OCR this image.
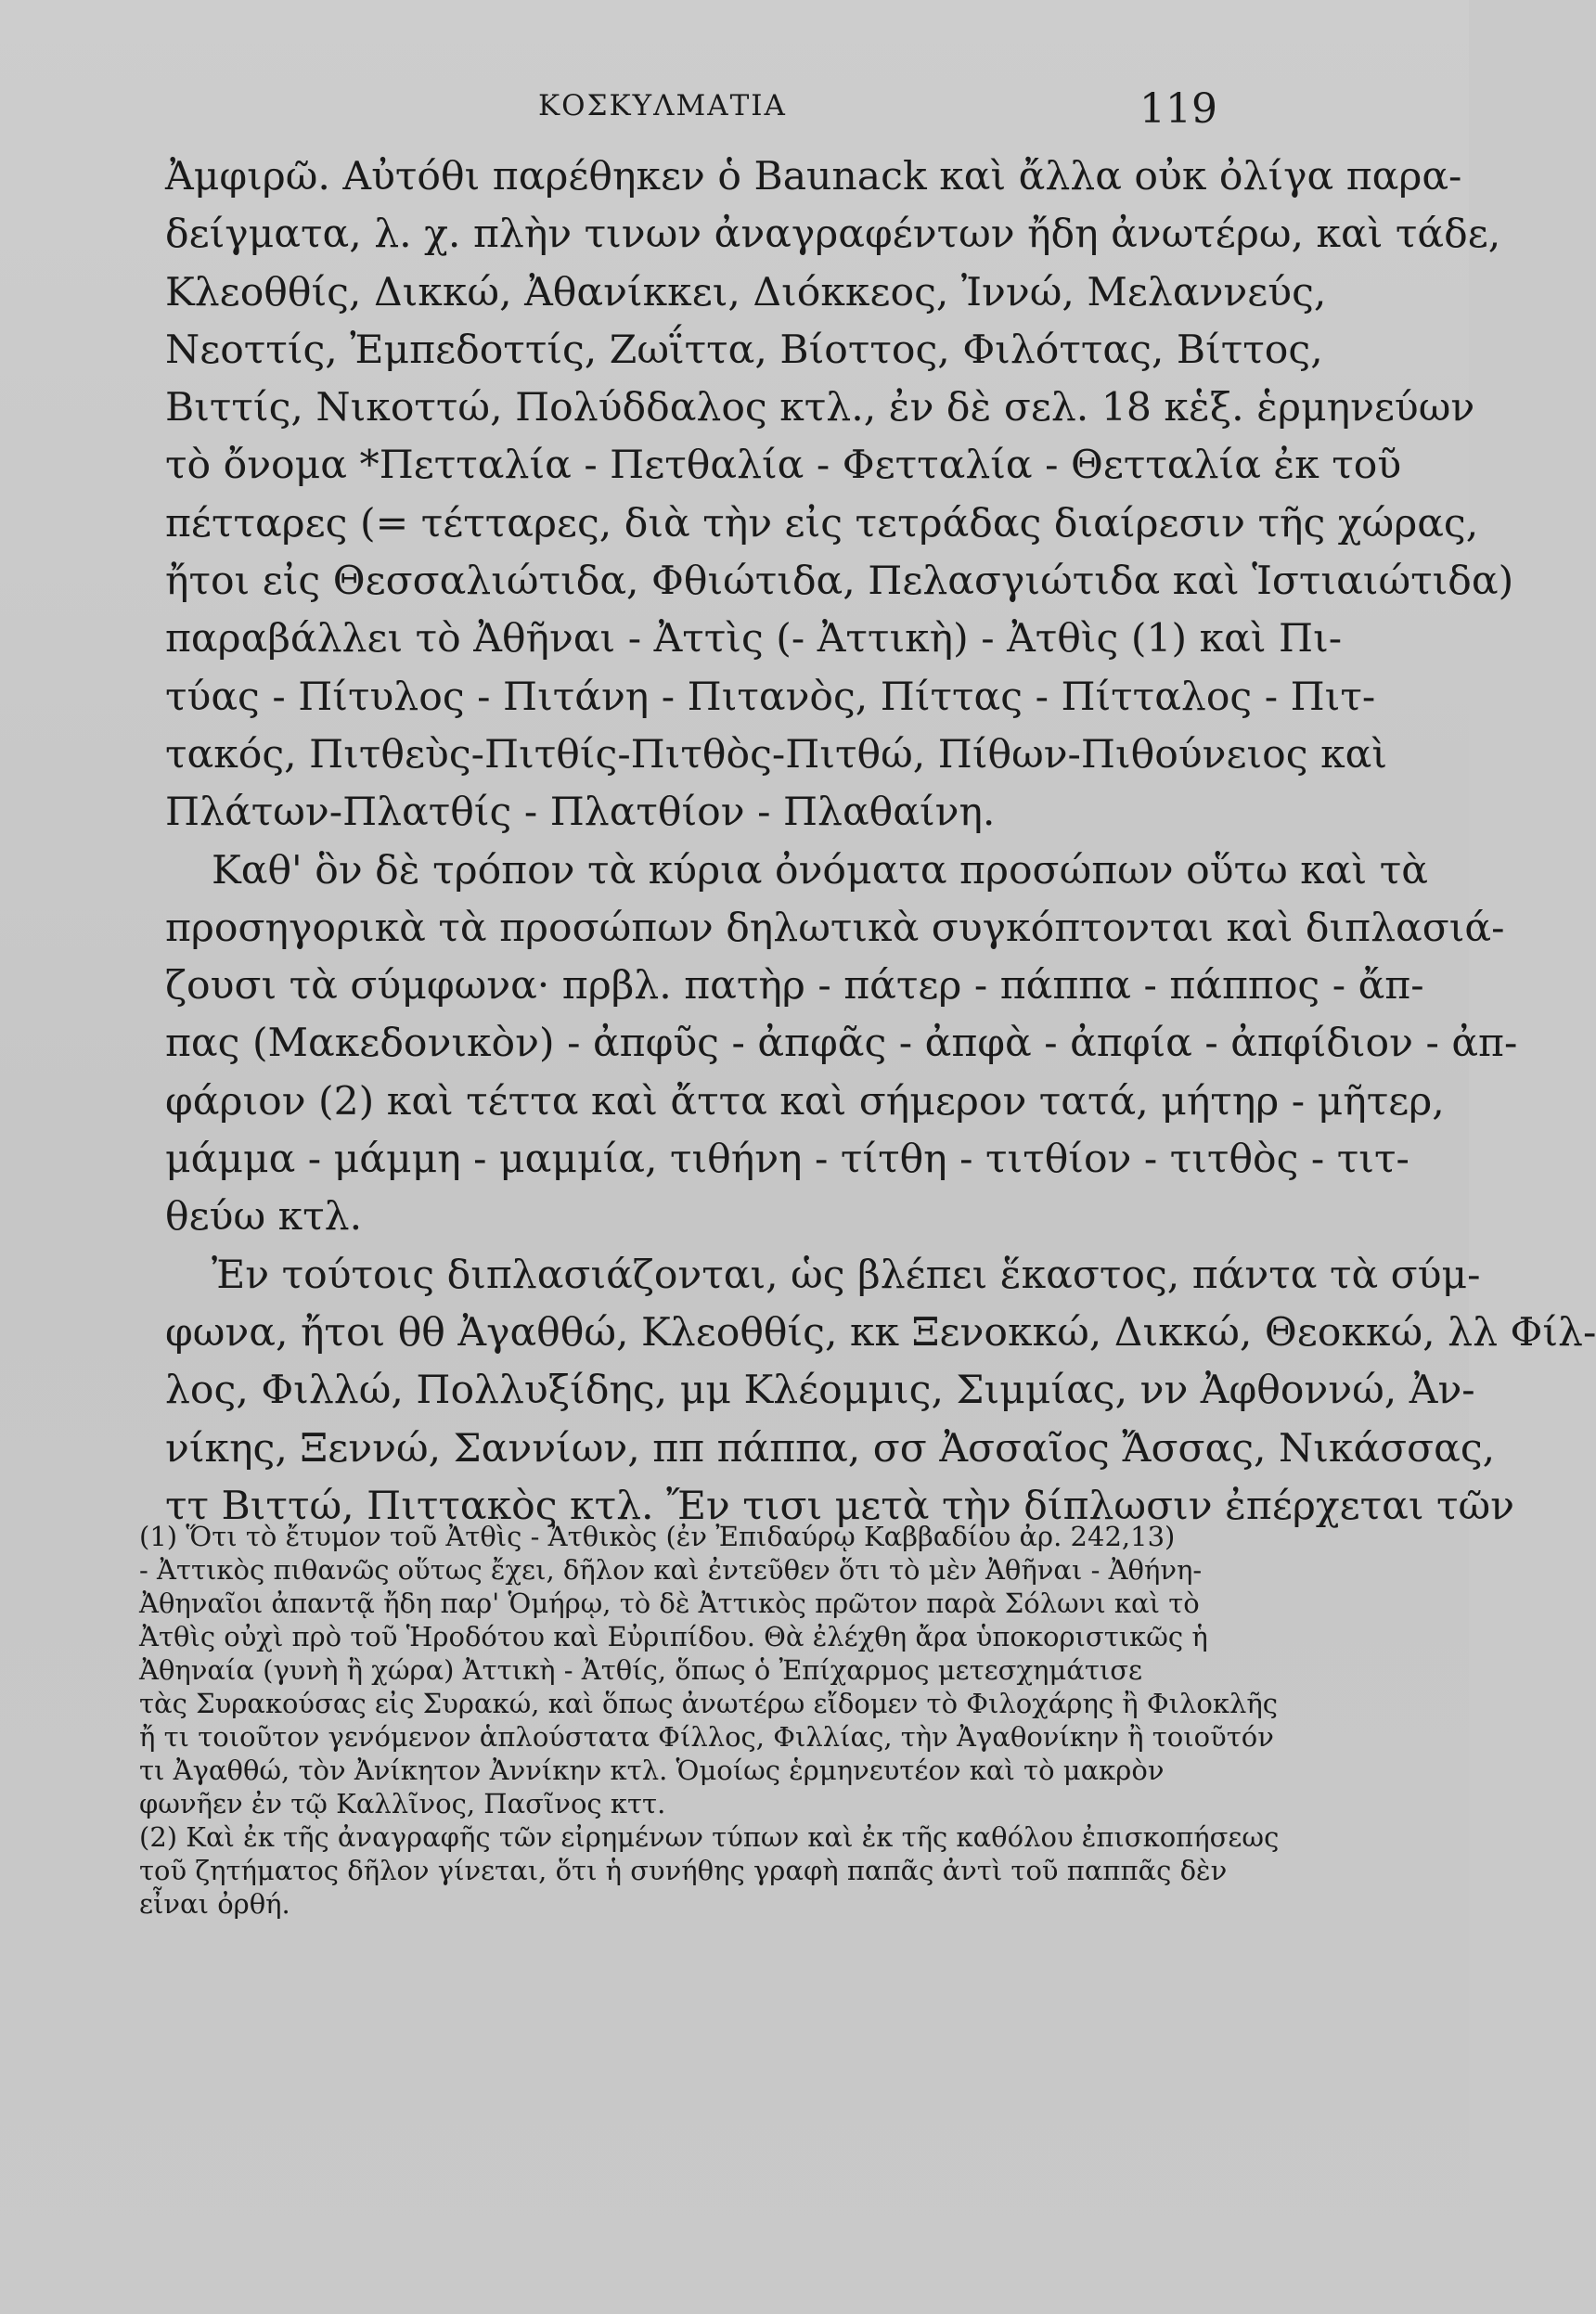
ΚΟΣΚΥΛΜΑΤΙΑ	119
Ἀμφιρῶ. Αὐτόθι παρέθηκεν ὁ Baunack καὶ ἄλλα οὐκ ὀλίγα παρα-
δείγματα, λ. χ. πλὴν τινων ἀναγραφέντων ἤδη ἀνωτέρω, καὶ τάδε,
Κλεοθθίς, Δικκώ, Ἀθανίκκει, Διόκκεος, Ἰννώ, Μελαννεύς,
Νεοττίς, Ἐμπεδοττίς, Ζωΐττα, Βίοττος, Φιλόττας, Βίττος,
Βιττίς, Νικοττώ, Πολύδδαλος κτλ., ἐν δὲ σελ. 18 κἑξ. ἑρμηνεύων
τὸ ὄνομα *Πετταλία - Πετθαλία - Φετταλία - Θετταλία ἐκ τοῦ
πέτταρες (= τέτταρες, διὰ τὴν εἰς τετράδας διαίρεσιν τῆς χώρας,
ἤτοι εἰς Θεσσαλιώτιδα, Φθιώτιδα, Πελασγιώτιδα καὶ Ἱστιαιώτιδα)
παραβάλλει τὸ Ἀθῆναι - Ἀττὶς (- Ἀττικὴ) - Ἀτθὶς (1) καὶ Πι-
τύας - Πίτυλος - Πιτάνη - Πιτανὸς, Πίττας - Πίτταλος - Πιτ-
τακός, Πιτθεὺς-Πιτθίς-Πιτθὸς-Πιτθώ, Πίθων-Πιθούνειος καὶ
Πλάτων-Πλατθίς - Πλατθίον - Πλαθαίνη.
Καθ' ὃν δὲ τρόπον τὰ κύρια ὀνόματα προσώπων οὕτω καὶ τὰ
προσηγορικὰ τὰ προσώπων δηλωτικὰ συγκόπτονται καὶ διπλασιά-
ζουσι τὰ σύμφωνα· πρβλ. πατὴρ - πάτερ - πάππα - πάππος - ἄπ-
πας (Μακεδονικὸν) - ἀπφῦς - ἀπφᾶς - ἀπφὰ - ἀπφία - ἀπφίδιον - ἀπ-
φάριον (2) καὶ τέττα καὶ ἄττα καὶ σήμερον τατά, μήτηρ - μῆτερ,
μάμμα - μάμμη - μαμμία, τιθήνη - τίτθη - τιτθίον - τιτθὸς - τιτ-
θεύω κτλ.
Ἐν τούτοις διπλασιάζονται, ὡς βλέπει ἕκαστος, πάντα τὰ σύμ-
φωνα, ἤτοι θθ Ἀγαθθώ, Κλεοθθίς, κκ Ξενοκκώ, Δικκώ, Θεοκκώ, λλ Φίλ-
λος, Φιλλώ, Πολλυξίδης, μμ Κλέομμις, Σιμμίας, νν Ἀφθοννώ, Ἀν-
νίκης, Ξεννώ, Σαννίων, ππ πάππα, σσ Ἀσσαῖος Ἄσσας, Νικάσσας,
ττ Βιττώ, Πιττακὸς κτλ. Ἔν τισι μετὰ τὴν δίπλωσιν ἐπέρχεται τῶν
(1) Ὅτι τὸ ἔτυμον τοῦ Ἀτθὶς - Ἀτθικὸς (ἐν Ἐπιδαύρῳ Καββαδίου ἀρ. 242,13)
- Ἀττικὸς πιθανῶς οὕτως ἔχει, δῆλον καὶ ἐντεῦθεν ὅτι τὸ μὲν Ἀθῆναι - Ἀθήνη-
Ἀθηναῖοι ἀπαντᾷ ἤδη παρ' Ὁμήρῳ, τὸ δὲ Ἀττικὸς πρῶτον παρὰ Σόλωνι καὶ τὸ
Ἀτθὶς οὐχὶ πρὸ τοῦ Ἡροδότου καὶ Εὐριπίδου. Θὰ ἐλέχθη ἄρα ὑποκοριστικῶς ἡ
Ἀθηναία (γυνὴ ἢ χώρα) Ἀττικὴ - Ἀτθίς, ὅπως ὁ Ἐπίχαρμος μετεσχημάτισε
τὰς Συρακούσας εἰς Συρακώ, καὶ ὅπως ἀνωτέρω εἴδομεν τὸ Φιλοχάρης ἢ Φιλοκλῆς
ἤ τι τοιοῦτον γενόμενον ἁπλούστατα Φίλλος, Φιλλίας, τὴν Ἀγαθονίκην ἢ τοιοῦτόν
τι Ἀγαθθώ, τὸν Ἀνίκητον Ἀννίκην κτλ. Ὁμοίως ἑρμηνευτέον καὶ τὸ μακρὸν
φωνῆεν ἐν τῷ Καλλῖνος, Πασῖνος κττ.
(2) Καὶ ἐκ τῆς ἀναγραφῆς τῶν εἰρημένων τύπων καὶ ἐκ τῆς καθόλου ἐπισκοπήσεως
τοῦ ζητήματος δῆλον γίνεται, ὅτι ἡ συνήθης γραφὴ παπᾶς ἀντὶ τοῦ παππᾶς δὲν
εἶναι ὀρθή.
